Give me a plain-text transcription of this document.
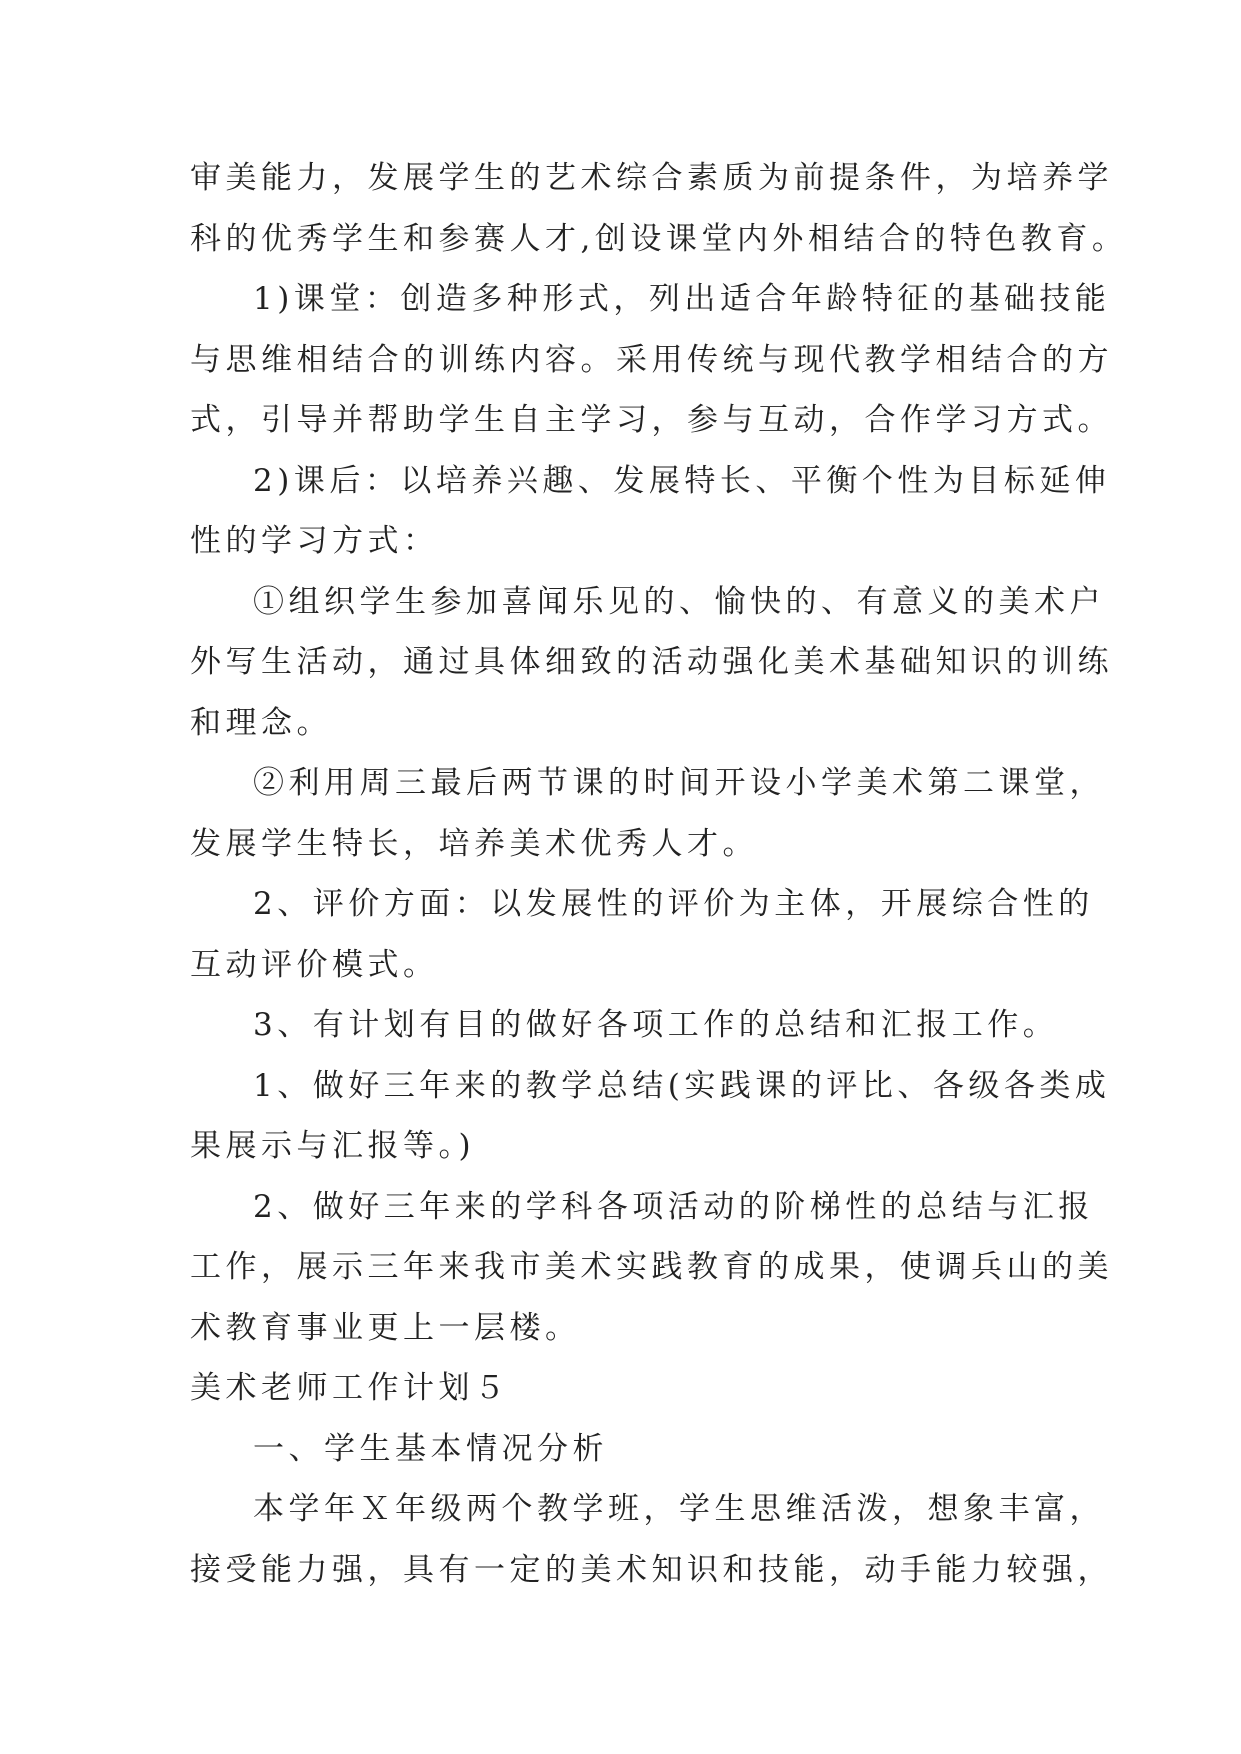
审美能力，发展学生的艺术综合素质为前提条件，为培养学
科的优秀学生和参赛人才,创设课堂内外相结合的特色教育。
1)课堂：创造多种形式，列出适合年龄特征的基础技能
与思维相结合的训练内容。采用传统与现代教学相结合的方
式，引导并帮助学生自主学习，参与互动，合作学习方式。
2)课后：以培养兴趣、发展特长、平衡个性为目标延伸
性的学习方式：
①组织学生参加喜闻乐见的、愉快的、有意义的美术户
外写生活动，通过具体细致的活动强化美术基础知识的训练
和理念。
②利用周三最后两节课的时间开设小学美术第二课堂，
发展学生特长，培养美术优秀人才。
2、评价方面：以发展性的评价为主体，开展综合性的
互动评价模式。
3、有计划有目的做好各项工作的总结和汇报工作。
1、做好三年来的教学总结(实践课的评比、各级各类成
果展示与汇报等。)
2、做好三年来的学科各项活动的阶梯性的总结与汇报
工作，展示三年来我市美术实践教育的成果，使调兵山的美
术教育事业更上一层楼。
美术老师工作计划５
一、学生基本情况分析
本学年Ｘ年级两个教学班，学生思维活泼，想象丰富，
接受能力强，具有一定的美术知识和技能，动手能力较强，
